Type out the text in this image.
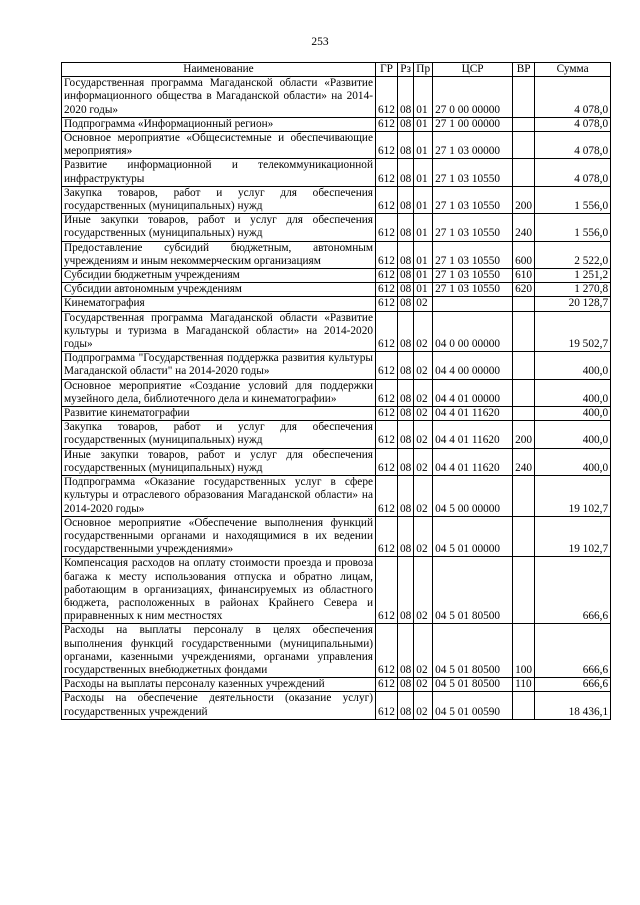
253
Наименование	ГР	Рз	Пр	ЦСР	ВР	Сумма
Государственная программа Магаданской области «Развитие информационного общества в Магаданской области» на 2014-2020 годы»	612	08	01	27 0 00 00000		4 078,0
Подпрограмма «Информационный регион»	612	08	01	27 1 00 00000		4 078,0
Основное мероприятие «Общесистемные и обеспечивающие мероприятия»	612	08	01	27 1 03 00000		4 078,0
Развитие информационной и телекоммуникационной инфраструктуры	612	08	01	27 1 03 10550		4 078,0
Закупка товаров, работ и услуг для обеспечения государственных (муниципальных) нужд	612	08	01	27 1 03 10550	200	1 556,0
Иные закупки товаров, работ и услуг для обеспечения государственных (муниципальных) нужд	612	08	01	27 1 03 10550	240	1 556,0
Предоставление субсидий бюджетным, автономным учреждениям и иным некоммерческим организациям	612	08	01	27 1 03 10550	600	2 522,0
Субсидии бюджетным учреждениям	612	08	01	27 1 03 10550	610	1 251,2
Субсидии автономным учреждениям	612	08	01	27 1 03 10550	620	1 270,8
Кинематография	612	08	02			20 128,7
Государственная программа Магаданской области «Развитие культуры и туризма в Магаданской области» на 2014-2020 годы»	612	08	02	04 0 00 00000		19 502,7
Подпрограмма "Государственная поддержка развития культуры Магаданской области" на 2014-2020 годы»	612	08	02	04 4 00 00000		400,0
Основное мероприятие «Создание условий для поддержки музейного дела, библиотечного дела и кинематографии»	612	08	02	04 4 01 00000		400,0
Развитие кинематографии	612	08	02	04 4 01 11620		400,0
Закупка товаров, работ и услуг для обеспечения государственных (муниципальных) нужд	612	08	02	04 4 01 11620	200	400,0
Иные закупки товаров, работ и услуг для обеспечения государственных (муниципальных) нужд	612	08	02	04 4 01 11620	240	400,0
Подпрограмма «Оказание государственных услуг в сфере культуры и отраслевого образования Магаданской области» на 2014-2020 годы»	612	08	02	04 5 00 00000		19 102,7
Основное мероприятие «Обеспечение выполнения функций государственными органами и находящимися в их ведении государственными учреждениями»	612	08	02	04 5 01 00000		19 102,7
Компенсация расходов на оплату стоимости проезда и провоза багажа к месту использования отпуска и обратно лицам, работающим в организациях, финансируемых из областного бюджета, расположенных в районах Крайнего Севера и приравненных к ним местностях	612	08	02	04 5 01 80500		666,6
Расходы на выплаты персоналу в целях обеспечения выполнения функций государственными (муниципальными) органами, казенными учреждениями, органами управления государственных внебюджетных фондами	612	08	02	04 5 01 80500	100	666,6
Расходы на выплаты персоналу казенных учреждений	612	08	02	04 5 01 80500	110	666,6
Расходы на обеспечение деятельности (оказание услуг) государственных учреждений	612	08	02	04 5 01 00590		18 436,1
